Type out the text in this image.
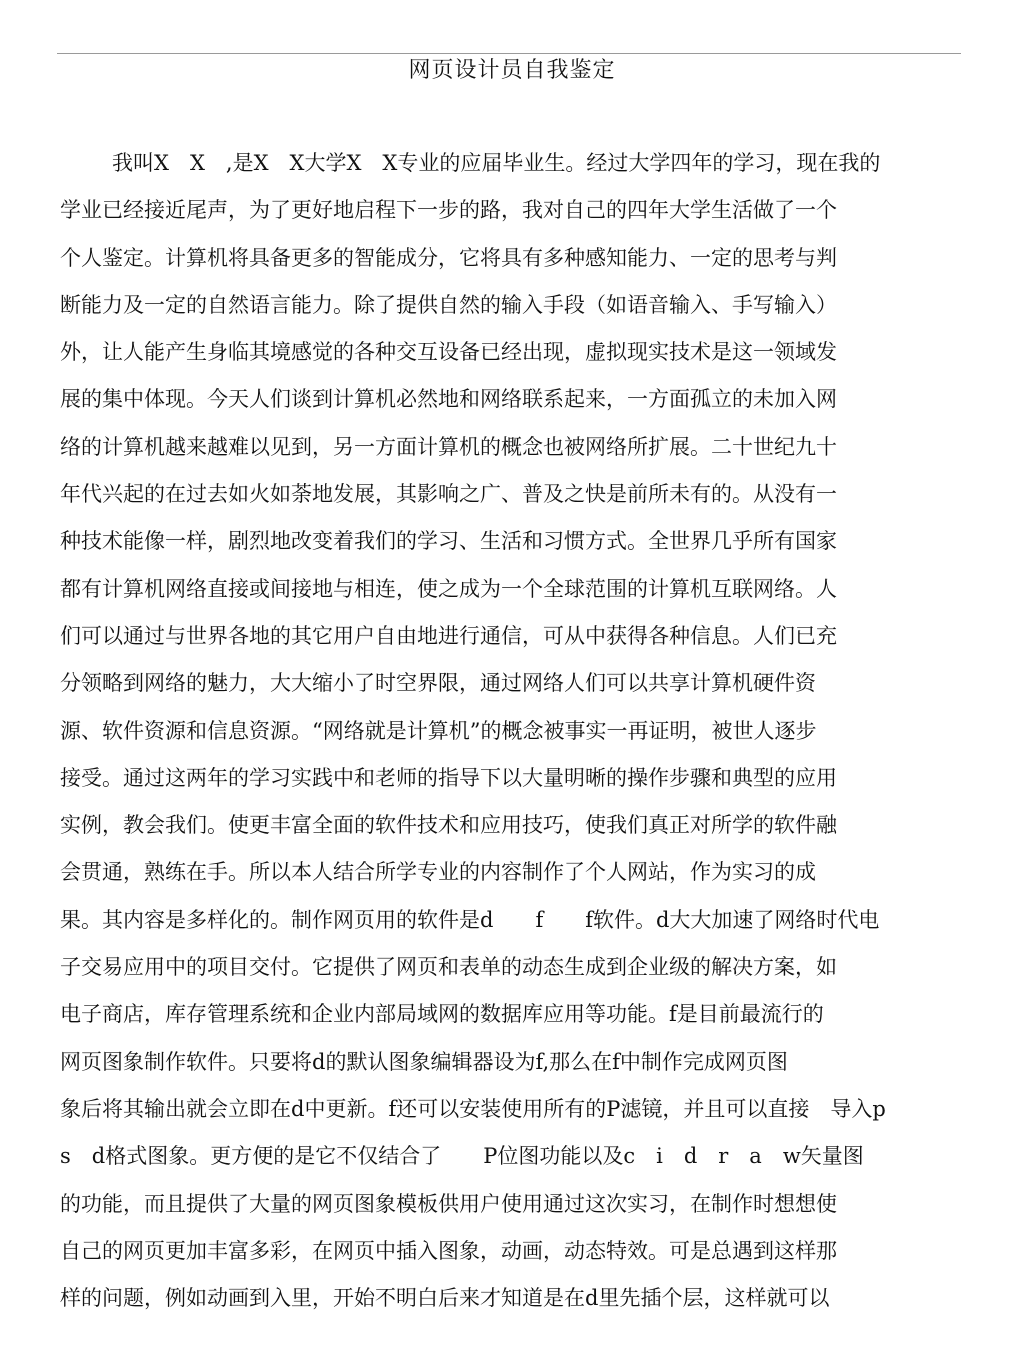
网页设计员自我鉴定
我叫X　X　,是X　X大学X　X专业的应届毕业生。经过大学四年的学习，现在我的
学业已经接近尾声，为了更好地启程下一步的路，我对自己的四年大学生活做了一个
个人鉴定。计算机将具备更多的智能成分，它将具有多种感知能力、一定的思考与判
断能力及一定的自然语言能力。除了提供自然的输入手段（如语音输入、手写输入）
外，让人能产生身临其境感觉的各种交互设备已经出现，虚拟现实技术是这一领域发
展的集中体现。今天人们谈到计算机必然地和网络联系起来，一方面孤立的未加入网
络的计算机越来越难以见到，另一方面计算机的概念也被网络所扩展。二十世纪九十
年代兴起的在过去如火如荼地发展，其影响之广、普及之快是前所未有的。从没有一
种技术能像一样，剧烈地改变着我们的学习、生活和习惯方式。全世界几乎所有国家
都有计算机网络直接或间接地与相连，使之成为一个全球范围的计算机互联网络。人
们可以通过与世界各地的其它用户自由地进行通信，可从中获得各种信息。人们已充
分领略到网络的魅力，大大缩小了时空界限，通过网络人们可以共享计算机硬件资
源、软件资源和信息资源。“网络就是计算机”的概念被事实一再证明，被世人逐步
接受。通过这两年的学习实践中和老师的指导下以大量明晰的操作步骤和典型的应用
实例，教会我们。使更丰富全面的软件技术和应用技巧，使我们真正对所学的软件融
会贯通，熟练在手。所以本人结合所学专业的内容制作了个人网站，作为实习的成
果。其内容是多样化的。制作网页用的软件是d　　f　　f软件。d大大加速了网络时代电
子交易应用中的项目交付。它提供了网页和表单的动态生成到企业级的解决方案，如
电子商店，库存管理系统和企业内部局域网的数据库应用等功能。f是目前最流行的
网页图象制作软件。只要将d的默认图象编辑器设为f,那么在f中制作完成网页图
象后将其输出就会立即在d中更新。f还可以安装使用所有的P滤镜，并且可以直接　导入p
s　d格式图象。更方便的是它不仅结合了　　P位图功能以及c　i　d　r　a　w矢量图
的功能，而且提供了大量的网页图象模板供用户使用通过这次实习，在制作时想想使
自己的网页更加丰富多彩，在网页中插入图象，动画，动态特效。可是总遇到这样那
样的问题，例如动画到入里，开始不明白后来才知道是在d里先插个层，这样就可以
